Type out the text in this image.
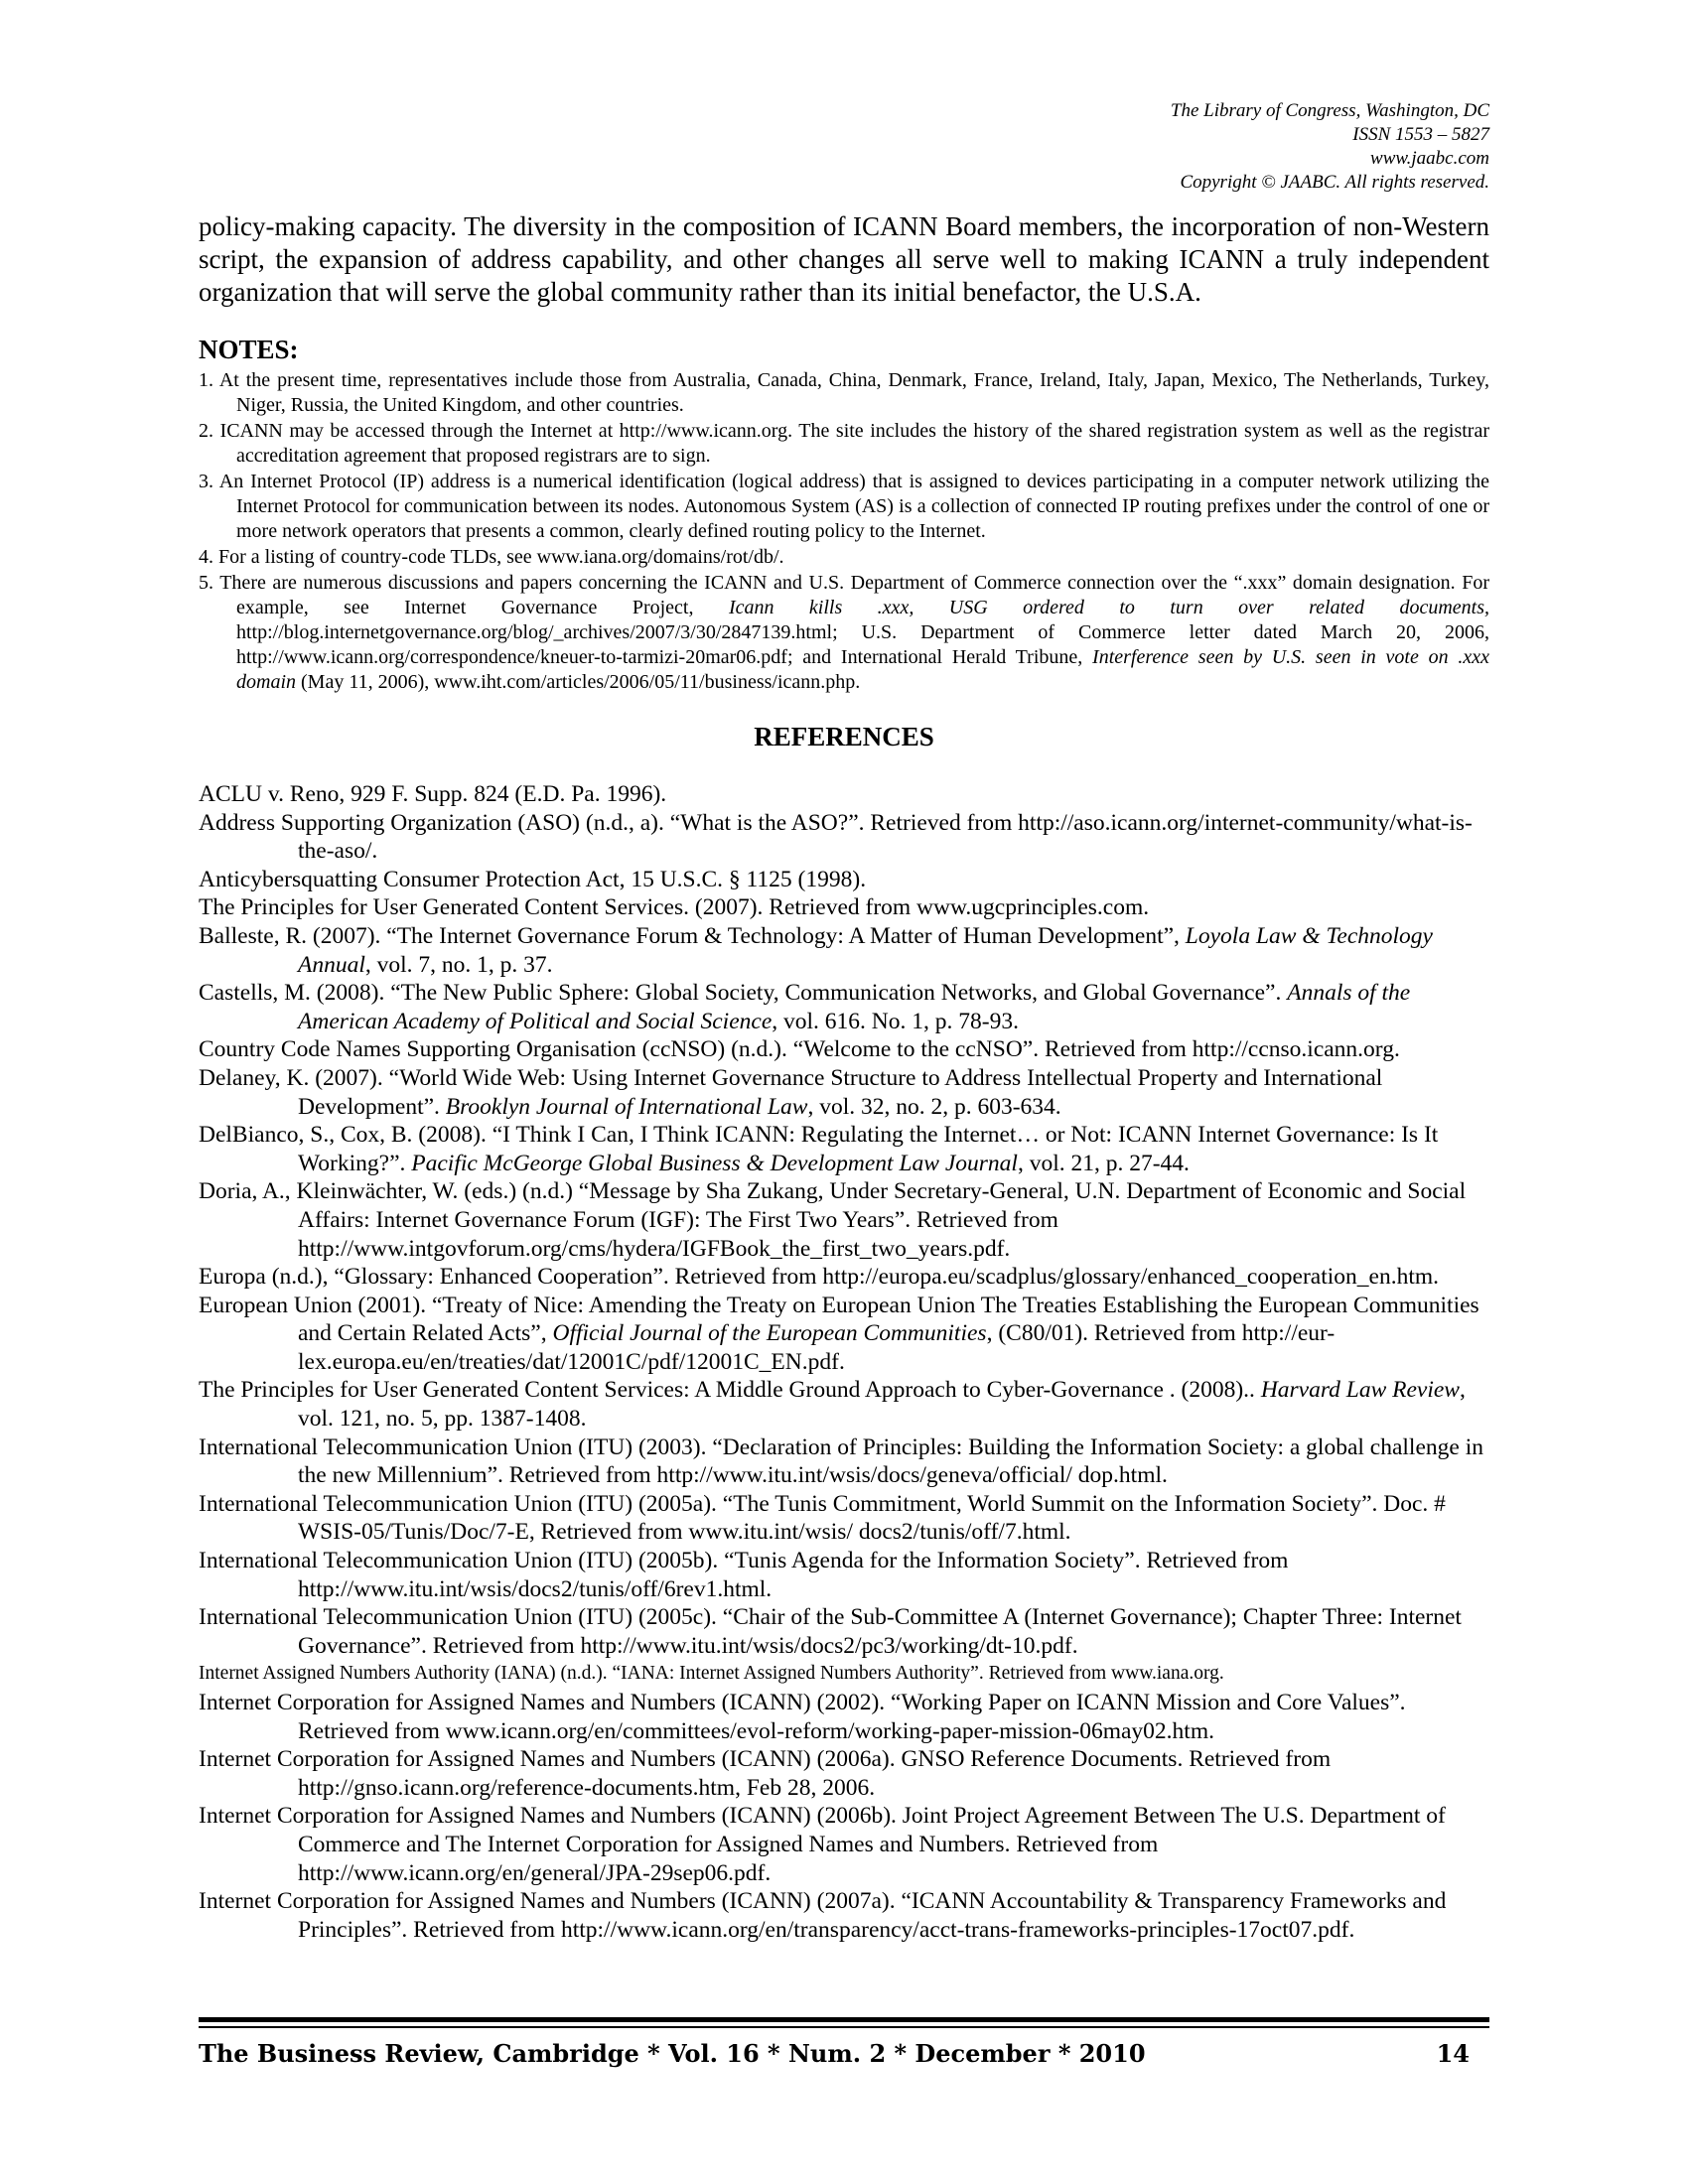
The Library of Congress, Washington, DC
ISSN 1553 – 5827
www.jaabc.com
Copyright © JAABC. All rights reserved.

policy-making capacity. The diversity in the composition of ICANN Board members, the incorporation of non-Western script, the expansion of address capability, and other changes all serve well to making ICANN a truly independent organization that will serve the global community rather than its initial benefactor, the U.S.A.

NOTES:
1. At the present time, representatives include those from Australia, Canada, China, Denmark, France, Ireland, Italy, Japan, Mexico, The Netherlands, Turkey, Niger, Russia, the United Kingdom, and other countries.
2. ICANN may be accessed through the Internet at http://www.icann.org. The site includes the history of the shared registration system as well as the registrar accreditation agreement that proposed registrars are to sign.
3. An Internet Protocol (IP) address is a numerical identification (logical address) that is assigned to devices participating in a computer network utilizing the Internet Protocol for communication between its nodes. Autonomous System (AS) is a collection of connected IP routing prefixes under the control of one or more network operators that presents a common, clearly defined routing policy to the Internet.
4. For a listing of country-code TLDs, see www.iana.org/domains/rot/db/.
5. There are numerous discussions and papers concerning the ICANN and U.S. Department of Commerce connection over the “.xxx” domain designation. For example, see Internet Governance Project, Icann kills .xxx, USG ordered to turn over related documents, http://blog.internetgovernance.org/blog/_archives/2007/3/30/2847139.html; U.S. Department of Commerce letter dated March 20, 2006, http://www.icann.org/correspondence/kneuer-to-tarmizi-20mar06.pdf; and International Herald Tribune, Interference seen by U.S. seen in vote on .xxx domain (May 11, 2006), www.iht.com/articles/2006/05/11/business/icann.php.
REFERENCES

ACLU v. Reno, 929 F. Supp. 824 (E.D. Pa. 1996).

Address Supporting Organization (ASO) (n.d., a). “What is the ASO?”. Retrieved from http://aso.icann.org/internet-community/what-is-the-aso/.

Anticybersquatting Consumer Protection Act, 15 U.S.C. § 1125 (1998).

The Principles for User Generated Content Services. (2007). Retrieved from www.ugcprinciples.com.

Balleste, R. (2007). “The Internet Governance Forum & Technology: A Matter of Human Development”, Loyola Law & Technology Annual, vol. 7, no. 1, p. 37.

Castells, M. (2008). “The New Public Sphere: Global Society, Communication Networks, and Global Governance”. Annals of the American Academy of Political and Social Science, vol. 616. No. 1, p. 78-93.

Country Code Names Supporting Organisation (ccNSO) (n.d.). “Welcome to the ccNSO”. Retrieved from http://ccnso.icann.org.

Delaney, K. (2007). “World Wide Web: Using Internet Governance Structure to Address Intellectual Property and International Development”. Brooklyn Journal of International Law, vol. 32, no. 2, p. 603-634.

DelBianco, S., Cox, B. (2008). “I Think I Can, I Think ICANN: Regulating the Internet… or Not: ICANN Internet Governance: Is It Working?”. Pacific McGeorge Global Business & Development Law Journal, vol. 21, p. 27-44.

Doria, A., Kleinwächter, W. (eds.) (n.d.) “Message by Sha Zukang, Under Secretary-General, U.N. Department of Economic and Social Affairs: Internet Governance Forum (IGF): The First Two Years”. Retrieved from http://www.intgovforum.org/cms/hydera/IGFBook_the_first_two_years.pdf.

Europa (n.d.), “Glossary: Enhanced Cooperation”. Retrieved from http://europa.eu/scadplus/glossary/enhanced_cooperation_en.htm.

European Union (2001). “Treaty of Nice: Amending the Treaty on European Union The Treaties Establishing the European Communities and Certain Related Acts”, Official Journal of the European Communities, (C80/01). Retrieved from http://eur-lex.europa.eu/en/treaties/dat/12001C/pdf/12001C_EN.pdf.

The Principles for User Generated Content Services: A Middle Ground Approach to Cyber-Governance . (2008).. Harvard Law Review, vol. 121, no. 5, pp. 1387-1408.

International Telecommunication Union (ITU) (2003). “Declaration of Principles: Building the Information Society: a global challenge in the new Millennium”. Retrieved from http://www.itu.int/wsis/docs/geneva/official/ dop.html.

International Telecommunication Union (ITU) (2005a). “The Tunis Commitment, World Summit on the Information Society”. Doc. # WSIS-05/Tunis/Doc/7-E, Retrieved from www.itu.int/wsis/ docs2/tunis/off/7.html.

International Telecommunication Union (ITU) (2005b). “Tunis Agenda for the Information Society”. Retrieved from http://www.itu.int/wsis/docs2/tunis/off/6rev1.html.

International Telecommunication Union (ITU) (2005c). “Chair of the Sub-Committee A (Internet Governance); Chapter Three: Internet Governance”. Retrieved from http://www.itu.int/wsis/docs2/pc3/working/dt-10.pdf.

Internet Assigned Numbers Authority (IANA) (n.d.). “IANA: Internet Assigned Numbers Authority”. Retrieved from www.iana.org.

Internet Corporation for Assigned Names and Numbers (ICANN) (2002). “Working Paper on ICANN Mission and Core Values”. Retrieved from www.icann.org/en/committees/evol-reform/working-paper-mission-06may02.htm.

Internet Corporation for Assigned Names and Numbers (ICANN) (2006a). GNSO Reference Documents. Retrieved from http://gnso.icann.org/reference-documents.htm, Feb 28, 2006.

Internet Corporation for Assigned Names and Numbers (ICANN) (2006b). Joint Project Agreement Between The U.S. Department of Commerce and The Internet Corporation for Assigned Names and Numbers. Retrieved from http://www.icann.org/en/general/JPA-29sep06.pdf.

Internet Corporation for Assigned Names and Numbers (ICANN) (2007a). “ICANN Accountability & Transparency Frameworks and Principles”. Retrieved from http://www.icann.org/en/transparency/acct-trans-frameworks-principles-17oct07.pdf.

The Business Review, Cambridge * Vol. 16 * Num. 2 * December * 2010	14
